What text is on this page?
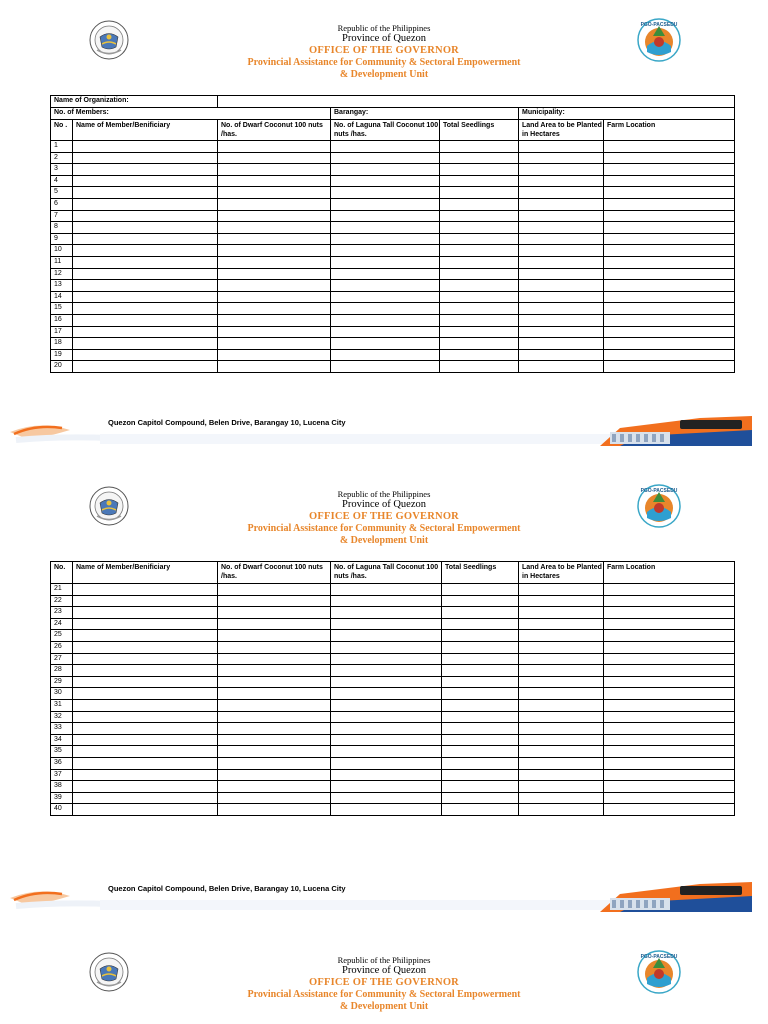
PGO-PACSEDU
Republic of the Philippines
Province of Quezon
OFFICE OF THE GOVERNOR
Provincial Assistance for Community & Sectoral Empowerment
& Development Unit
Name of Organization:						

No. of Members:			Barangay:		Municipality:	
No .	Name of Member/Benificiary	No. of Dwarf Coconut 100 nuts /has.	No. of Laguna Tall Coconut 100 nuts /has.	Total Seedlings	Land Area to be Planted in Hectares	Farm Location
1						
2						
3						
4						
5						
6						
7						
8						
9						
10						
11						
12						
13						
14						
15						
16						
17						
18						
19						
20						
Quezon Capitol Compound, Belen Drive, Barangay 10, Lucena City
PGO-PACSEDU
Republic of the Philippines
Province of Quezon
OFFICE OF THE GOVERNOR
Provincial Assistance for Community & Sectoral Empowerment
& Development Unit
No.	Name of Member/Benificiary	No. of Dwarf Coconut 100 nuts /has.	No. of Laguna Tall Coconut 100 nuts /has.	Total Seedlings	Land Area to be Planted in Hectares	Farm Location
21						
22						
23						
24						
25						
26						
27						
28						
29						
30						
31						
32						
33						
34						
35						
36						
37						
38						
39						
40						
Quezon Capitol Compound, Belen Drive, Barangay 10, Lucena City
PGO-PACSEDU
Republic of the Philippines
Province of Quezon
OFFICE OF THE GOVERNOR
Provincial Assistance for Community & Sectoral Empowerment
& Development Unit
